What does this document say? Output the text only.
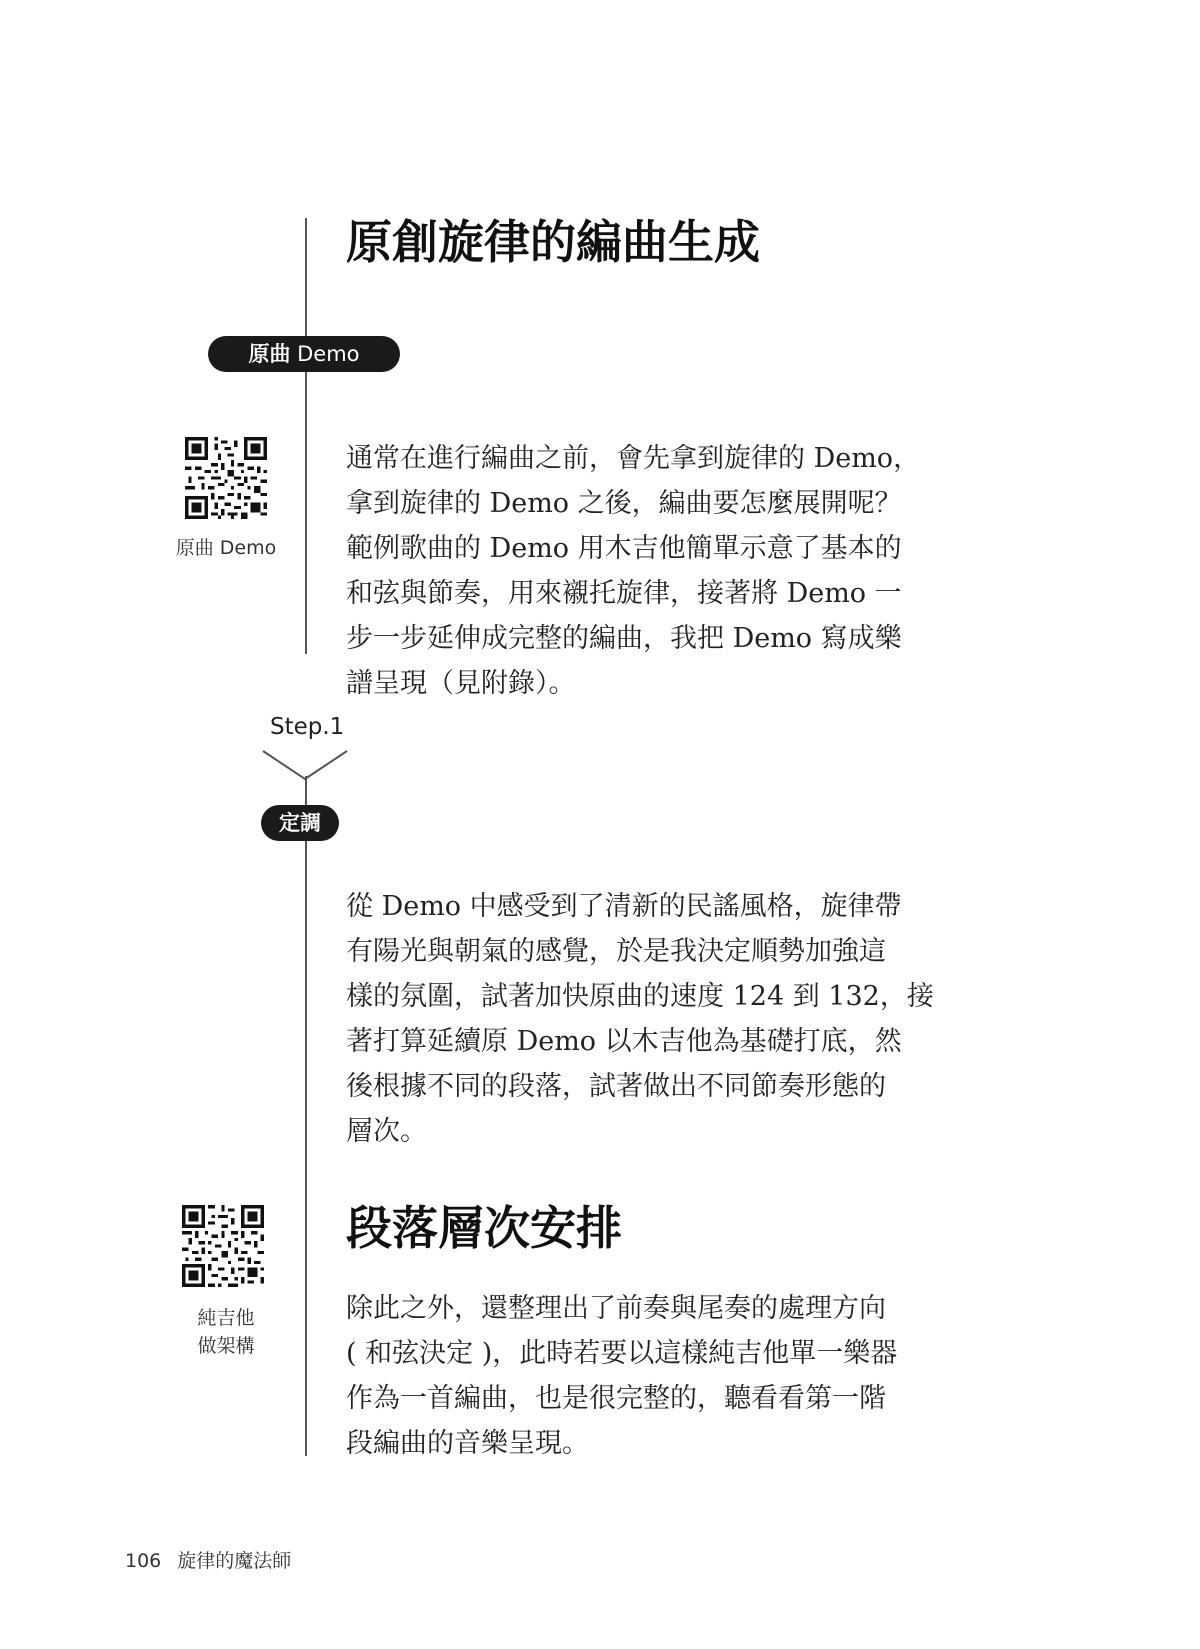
原創旋律的編曲生成
原曲 Demo
原曲 Demo
通常在進行編曲之前，會先拿到旋律的 Demo，
拿到旋律的 Demo 之後，編曲要怎麼展開呢？
範例歌曲的 Demo 用木吉他簡單示意了基本的
和弦與節奏，用來襯托旋律，接著將 Demo 一
步一步延伸成完整的編曲，我把 Demo 寫成樂
譜呈現（見附錄）。
Step.1
定調
從 Demo 中感受到了清新的民謠風格，旋律帶
有陽光與朝氣的感覺，於是我決定順勢加強這
樣的氛圍，試著加快原曲的速度 124 到 132，接
著打算延續原 Demo 以木吉他為基礎打底，然
後根據不同的段落，試著做出不同節奏形態的
層次。
段落層次安排
純吉他
做架構
除此之外，還整理出了前奏與尾奏的處理方向
( 和弦決定 )，此時若要以這樣純吉他單一樂器
作為一首編曲，也是很完整的，聽看看第一階
段編曲的音樂呈現。
106 旋律的魔法師
